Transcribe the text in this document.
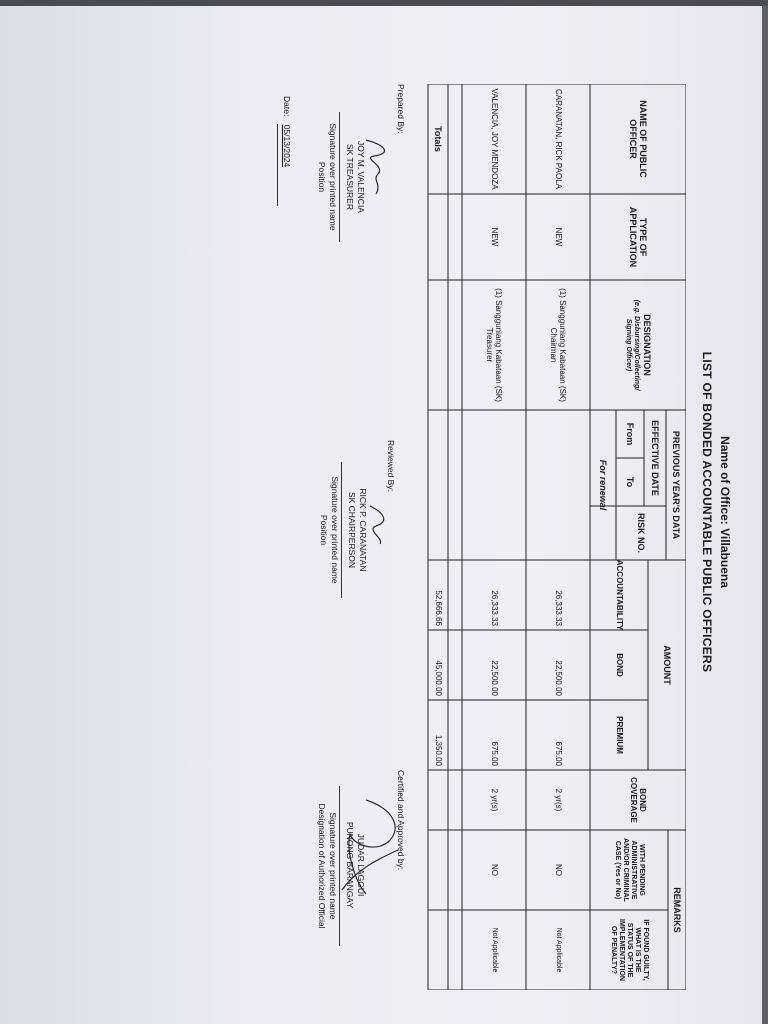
Name of Office: Villabuena
LIST OF BONDED ACCOUNTABLE PUBLIC OFFICERS
NAME OF PUBLIC OFFICER
TYPE OF APPLICATION
DESIGNATION
(e.g. Disbursing/Collecting/ Signing Officer)
PREVIOUS YEAR'S DATA
EFFECTIVE DATE
From
To
RISK NO.
For renewal
AMOUNT
ACCOUNTABILITY
BOND
PREMIUM
BOND COVERAGE
REMARKS
WITH PENDING ADMINISTRATIVE AND/OR CRIMINAL CASE (Yes or No)
IF FOUND GUILTY, WHAT IS THE STATUS OF THE IMPLEMENTATION OF PENALTY?
CARANATAN, RICK PAOLA
NEW
(1) Sangguniang Kabataan (SK) Chairman
26,333.33
22,500.00
675.00
2 yr(s)
NO
Not Applicable
VALENCIA, JOY MENDOZA
NEW
(1) Sangguniang Kabataan (SK) Treasurer
26,333.33
22,500.00
675.00
2 yr(s)
NO
Not Applicable
Totals
52,666.66
45,000.00
1,350.00
Prepared By:
JOY M. VALENCIA
SK TREASURER
Signature over printed name
Position
Date: 05/13/2024
Reviewed By:
RICK P. CARANATAN
SK CHAIRPERSON
Signature over printed name
Position
Certified and Approved by:
JUDAR LAGGUI
PUNONG BARANGAY
Signature over printed name
Designation of Authorized Official
